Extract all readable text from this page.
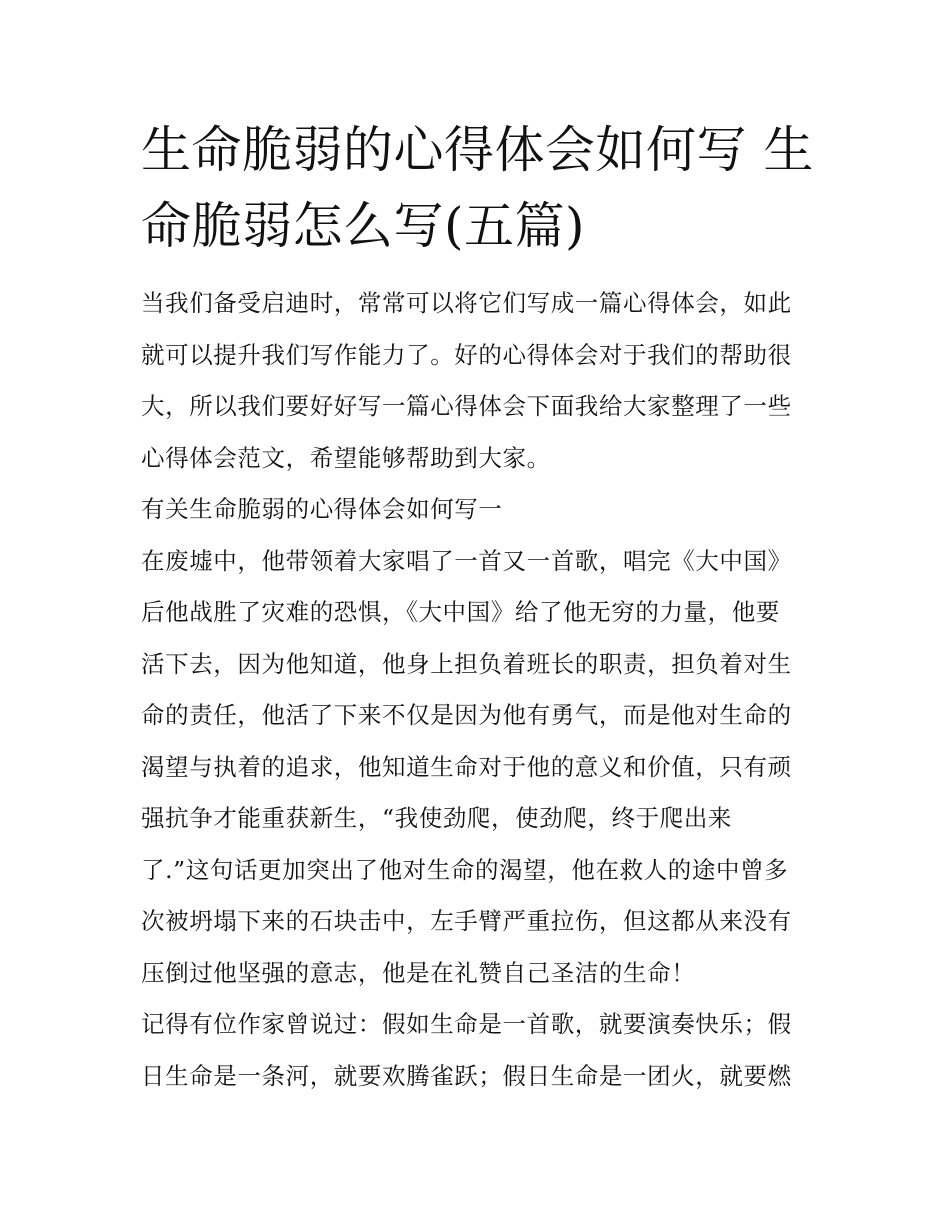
生命脆弱的心得体会如何写 生
命脆弱怎么写(五篇)
当我们备受启迪时，常常可以将它们写成一篇心得体会，如此
就可以提升我们写作能力了。好的心得体会对于我们的帮助很
大，所以我们要好好写一篇心得体会下面我给大家整理了一些
心得体会范文，希望能够帮助到大家。
有关生命脆弱的心得体会如何写一
在废墟中，他带领着大家唱了一首又一首歌，唱完《大中国》
后他战胜了灾难的恐惧，《大中国》给了他无穷的力量，他要
活下去，因为他知道，他身上担负着班长的职责，担负着对生
命的责任，他活了下来不仅是因为他有勇气，而是他对生命的
渴望与执着的追求，他知道生命对于他的意义和价值，只有顽
强抗争才能重获新生，“我使劲爬，使劲爬，终于爬出来
了.”这句话更加突出了他对生命的渴望，他在救人的途中曾多
次被坍塌下来的石块击中，左手臂严重拉伤，但这都从来没有
压倒过他坚强的意志，他是在礼赞自己圣洁的生命！
记得有位作家曾说过：假如生命是一首歌，就要演奏快乐；假
日生命是一条河，就要欢腾雀跃；假日生命是一团火，就要燃
